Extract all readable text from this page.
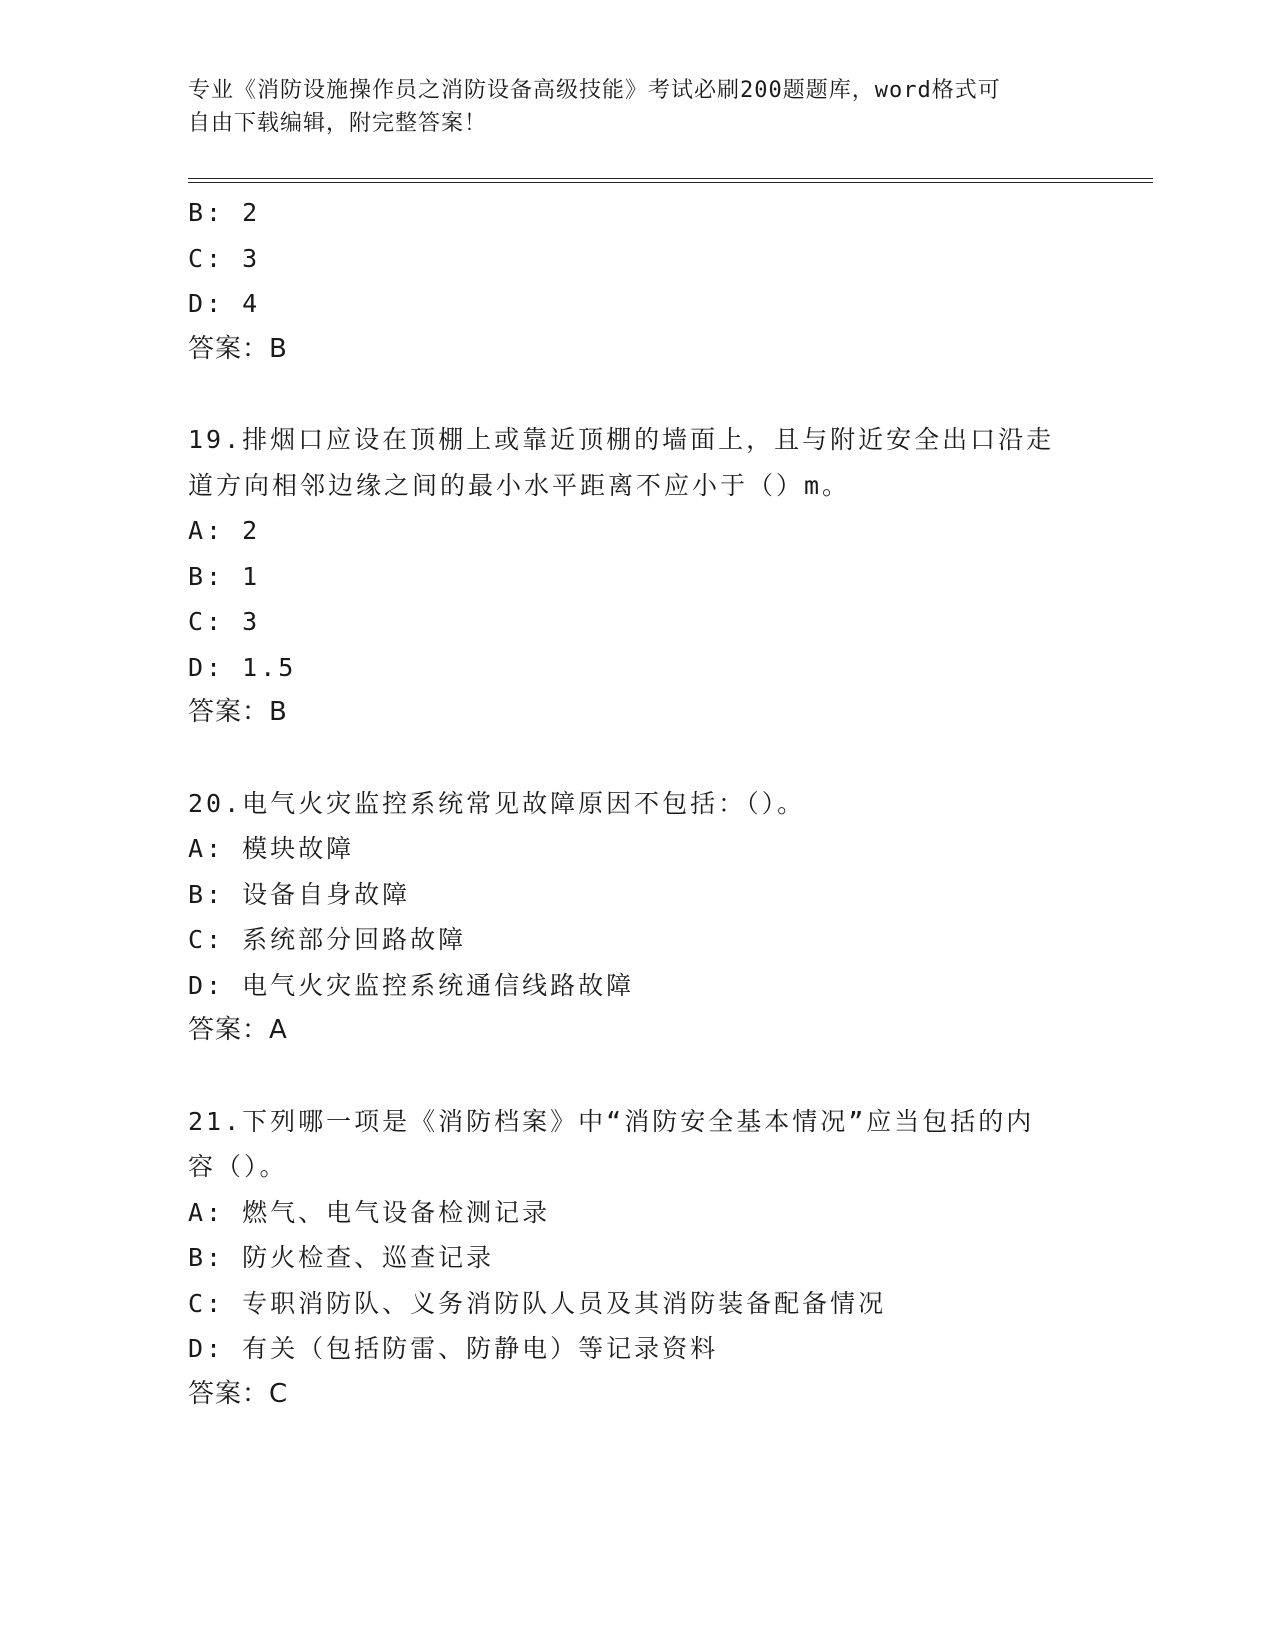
专业《消防设施操作员之消防设备高级技能》考试必刷200题题库，word格式可
自由下载编辑，附完整答案！
B: 2
C: 3
D: 4
答案：B
19.排烟口应设在顶棚上或靠近顶棚的墙面上，且与附近安全出口沿走
道方向相邻边缘之间的最小水平距离不应小于（）m。
A: 2
B: 1
C: 3
D: 1.5
答案：B
20.电气火灾监控系统常见故障原因不包括：（）。
A: 模块故障
B: 设备自身故障
C: 系统部分回路故障
D: 电气火灾监控系统通信线路故障
答案：A
21.下列哪一项是《消防档案》中“消防安全基本情况”应当包括的内
容（）。
A: 燃气、电气设备检测记录
B: 防火检查、巡查记录
C: 专职消防队、义务消防队人员及其消防装备配备情况
D: 有关（包括防雷、防静电）等记录资料
答案：C
